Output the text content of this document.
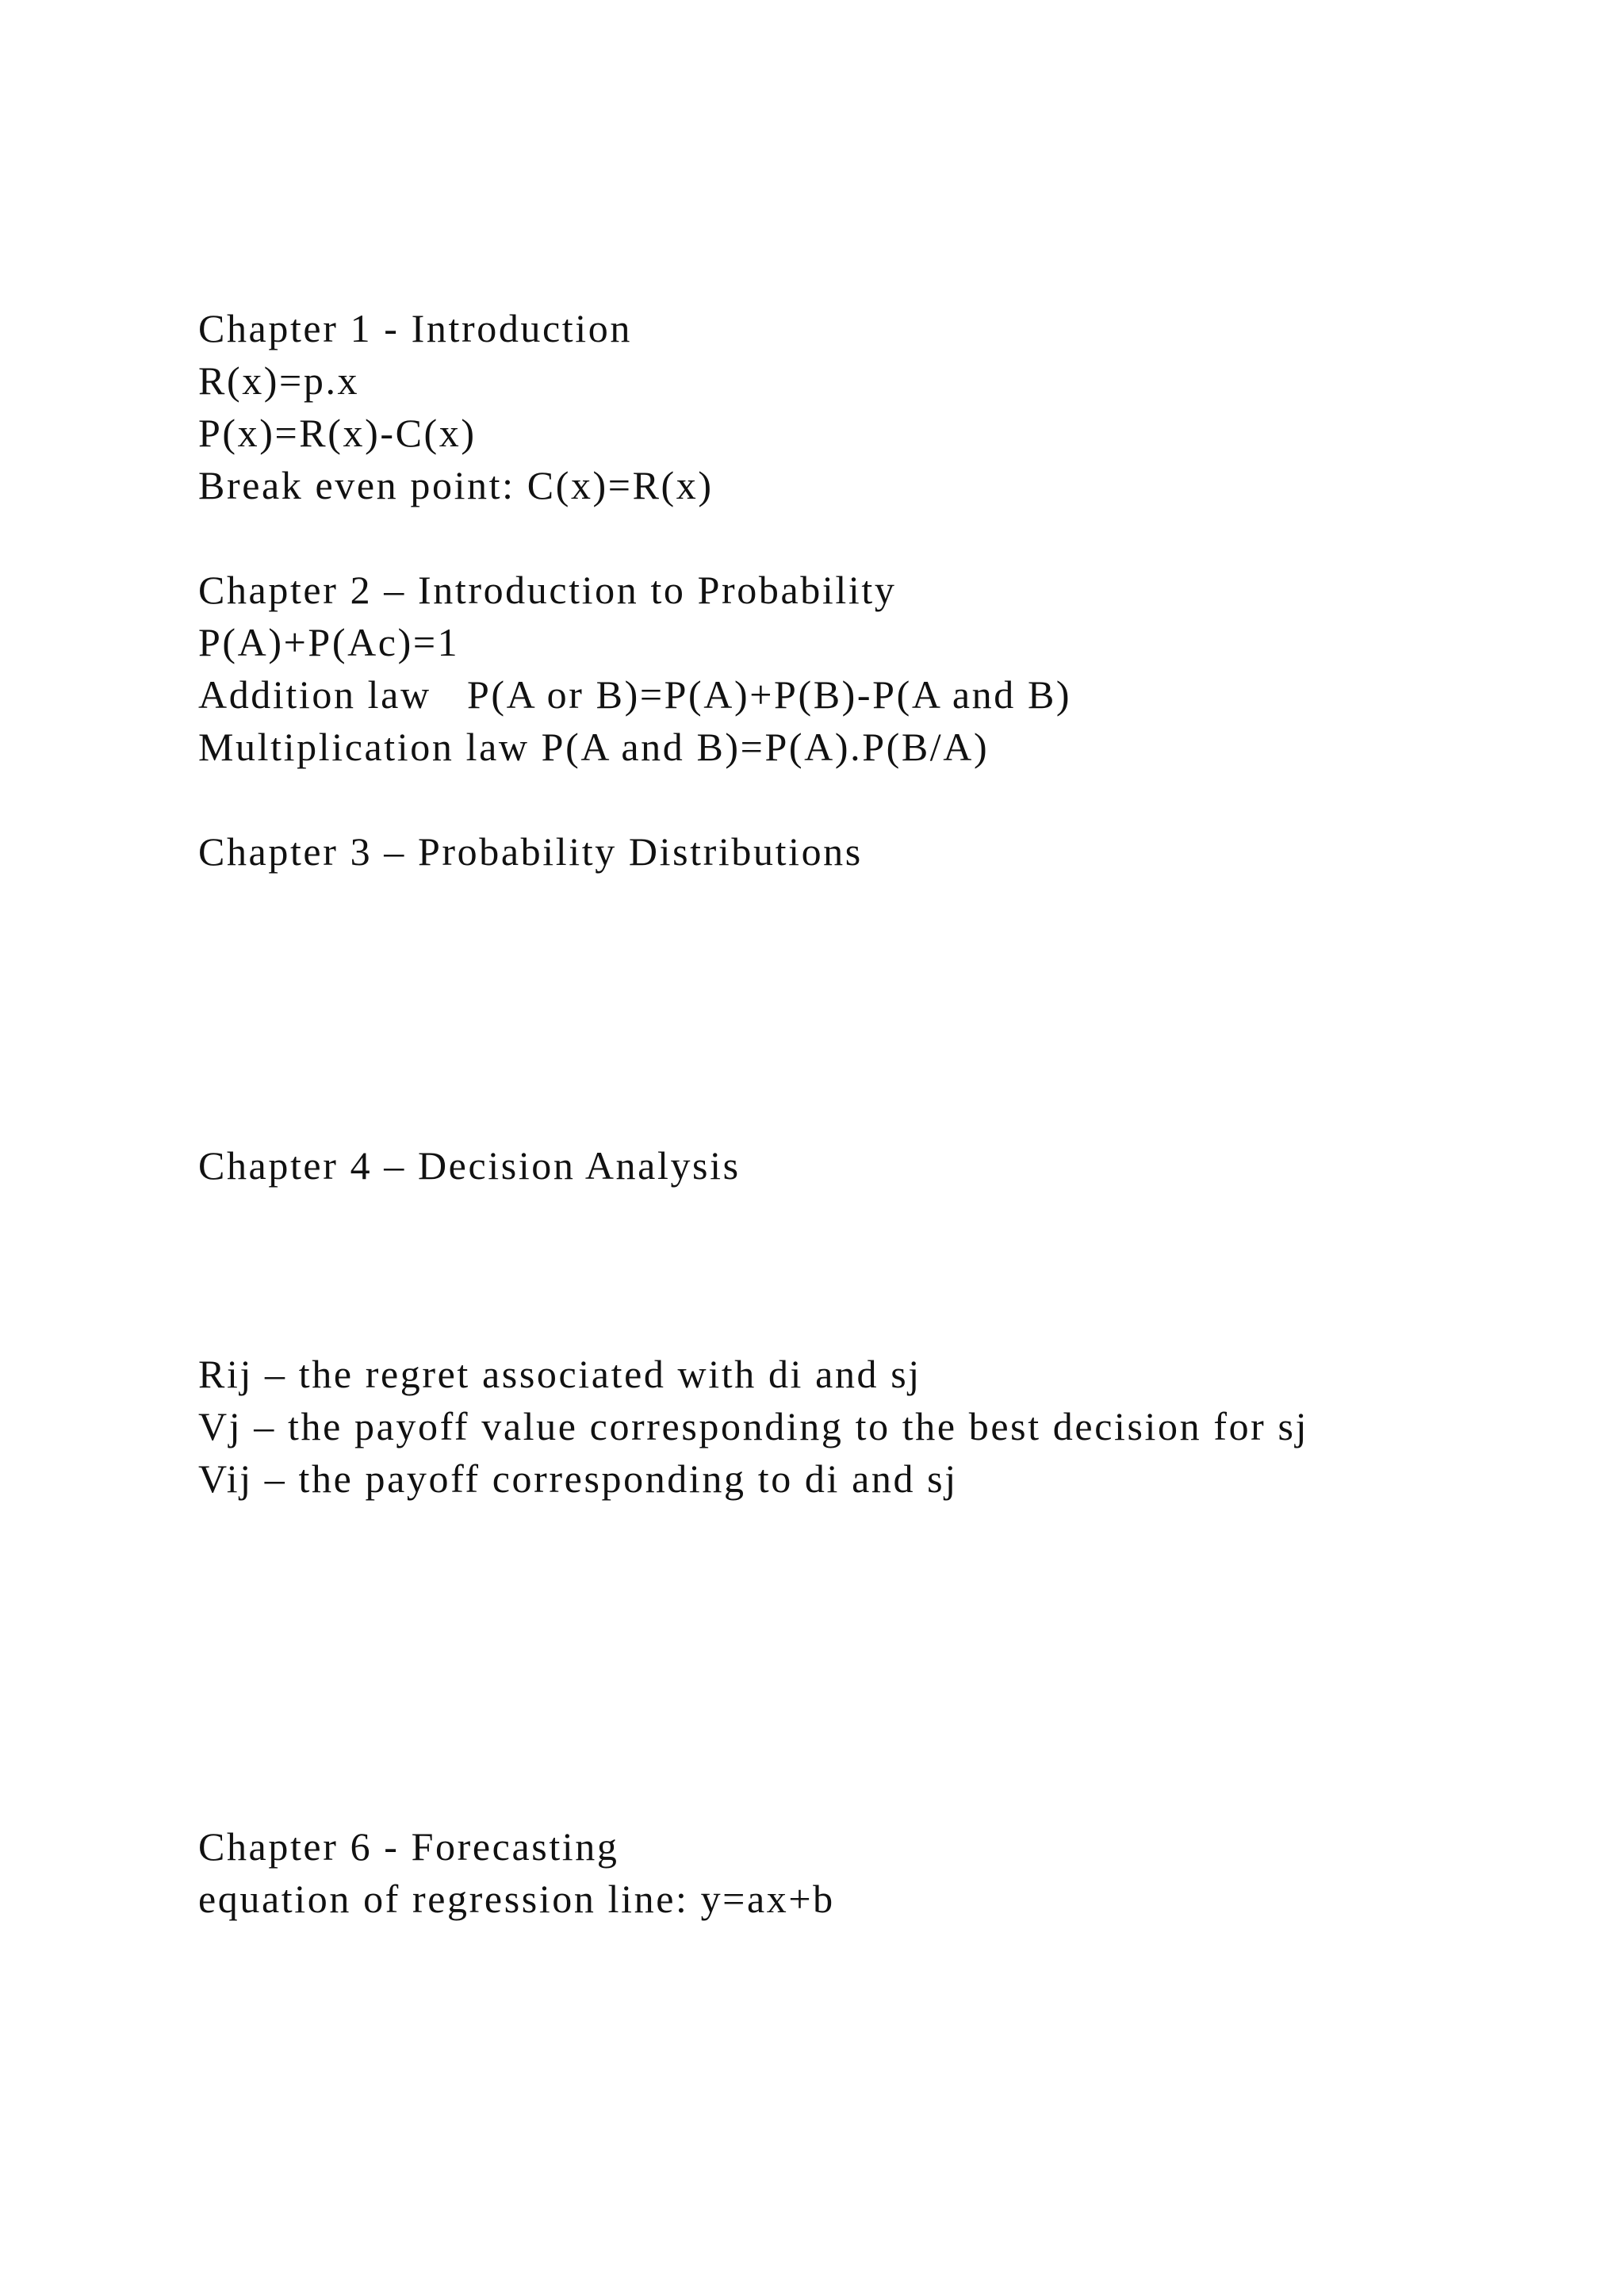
Chapter 1 - Introduction
R(x)=p.x
P(x)=R(x)-C(x)
Break even point: C(x)=R(x)
Chapter 2 – Introduction to Probability
P(A)+P(Ac)=1
Addition law   P(A or B)=P(A)+P(B)-P(A and B)
Multiplication law P(A and B)=P(A).P(B/A)
Chapter 3 – Probability Distributions
Chapter 4 – Decision Analysis
Rij – the regret associated with di and sj
Vj – the payoff value corresponding to the best decision for sj
Vij – the payoff corresponding to di and sj
Chapter 6 - Forecasting
equation of regression line: y=ax+b
